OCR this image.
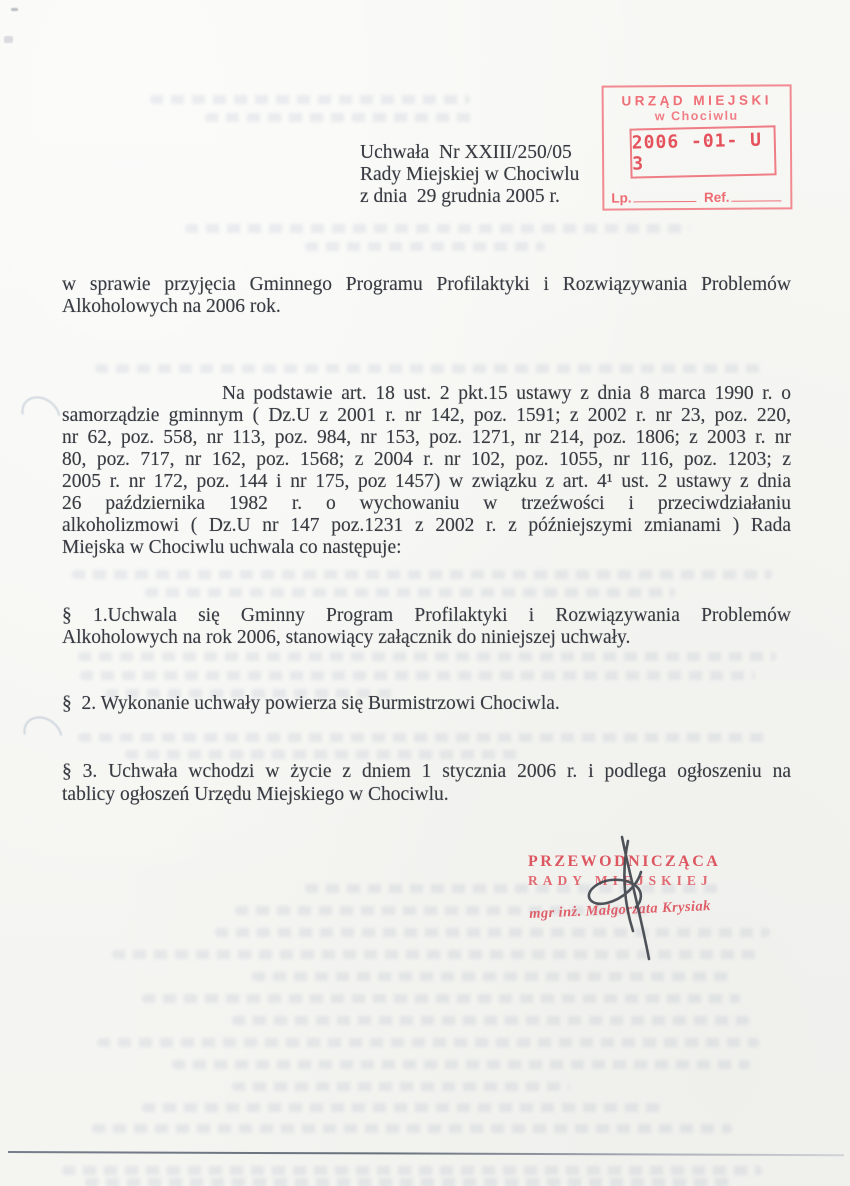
Uchwała  Nr XXIII/250/05
Rady Miejskiej w Chociwlu
z dnia  29 grudnia 2005 r.
URZĄD MIEJSKI
w Chociwlu
2006 -01- U 3
Lp.	Ref.
w sprawie przyjęcia Gminnego Programu Profilaktyki i Rozwiązywania Problemów
Alkoholowych na 2006 rok.
Na podstawie art. 18 ust. 2 pkt.15 ustawy z dnia 8 marca 1990 r. o
samorządzie gminnym ( Dz.U z 2001 r. nr 142, poz. 1591; z 2002 r. nr 23, poz. 220,
nr 62, poz. 558, nr 113, poz. 984, nr 153, poz. 1271, nr 214, poz. 1806; z 2003 r. nr
80, poz. 717, nr 162, poz. 1568; z 2004 r. nr 102, poz. 1055, nr 116, poz. 1203; z
2005 r. nr 172, poz. 144 i nr 175, poz 1457) w związku z art. 4¹ ust. 2 ustawy z dnia
26 października 1982 r. o wychowaniu w trzeźwości i przeciwdziałaniu
alkoholizmowi ( Dz.U nr 147 poz.1231 z 2002 r. z późniejszymi zmianami ) Rada
Miejska w Chociwlu uchwala co następuje:
§ 1.Uchwala się Gminny Program Profilaktyki i Rozwiązywania Problemów
Alkoholowych na rok 2006, stanowiący załącznik do niniejszej uchwały.
§  2. Wykonanie uchwały powierza się Burmistrzowi Chociwla.
§ 3. Uchwała wchodzi w życie z dniem 1 stycznia 2006 r. i podlega ogłoszeniu na
tablicy ogłoszeń Urzędu Miejskiego w Chociwlu.
PRZEWODNICZĄCA
RADY MIEJSKIEJ
mgr inż. Małgorzata Krysiak
